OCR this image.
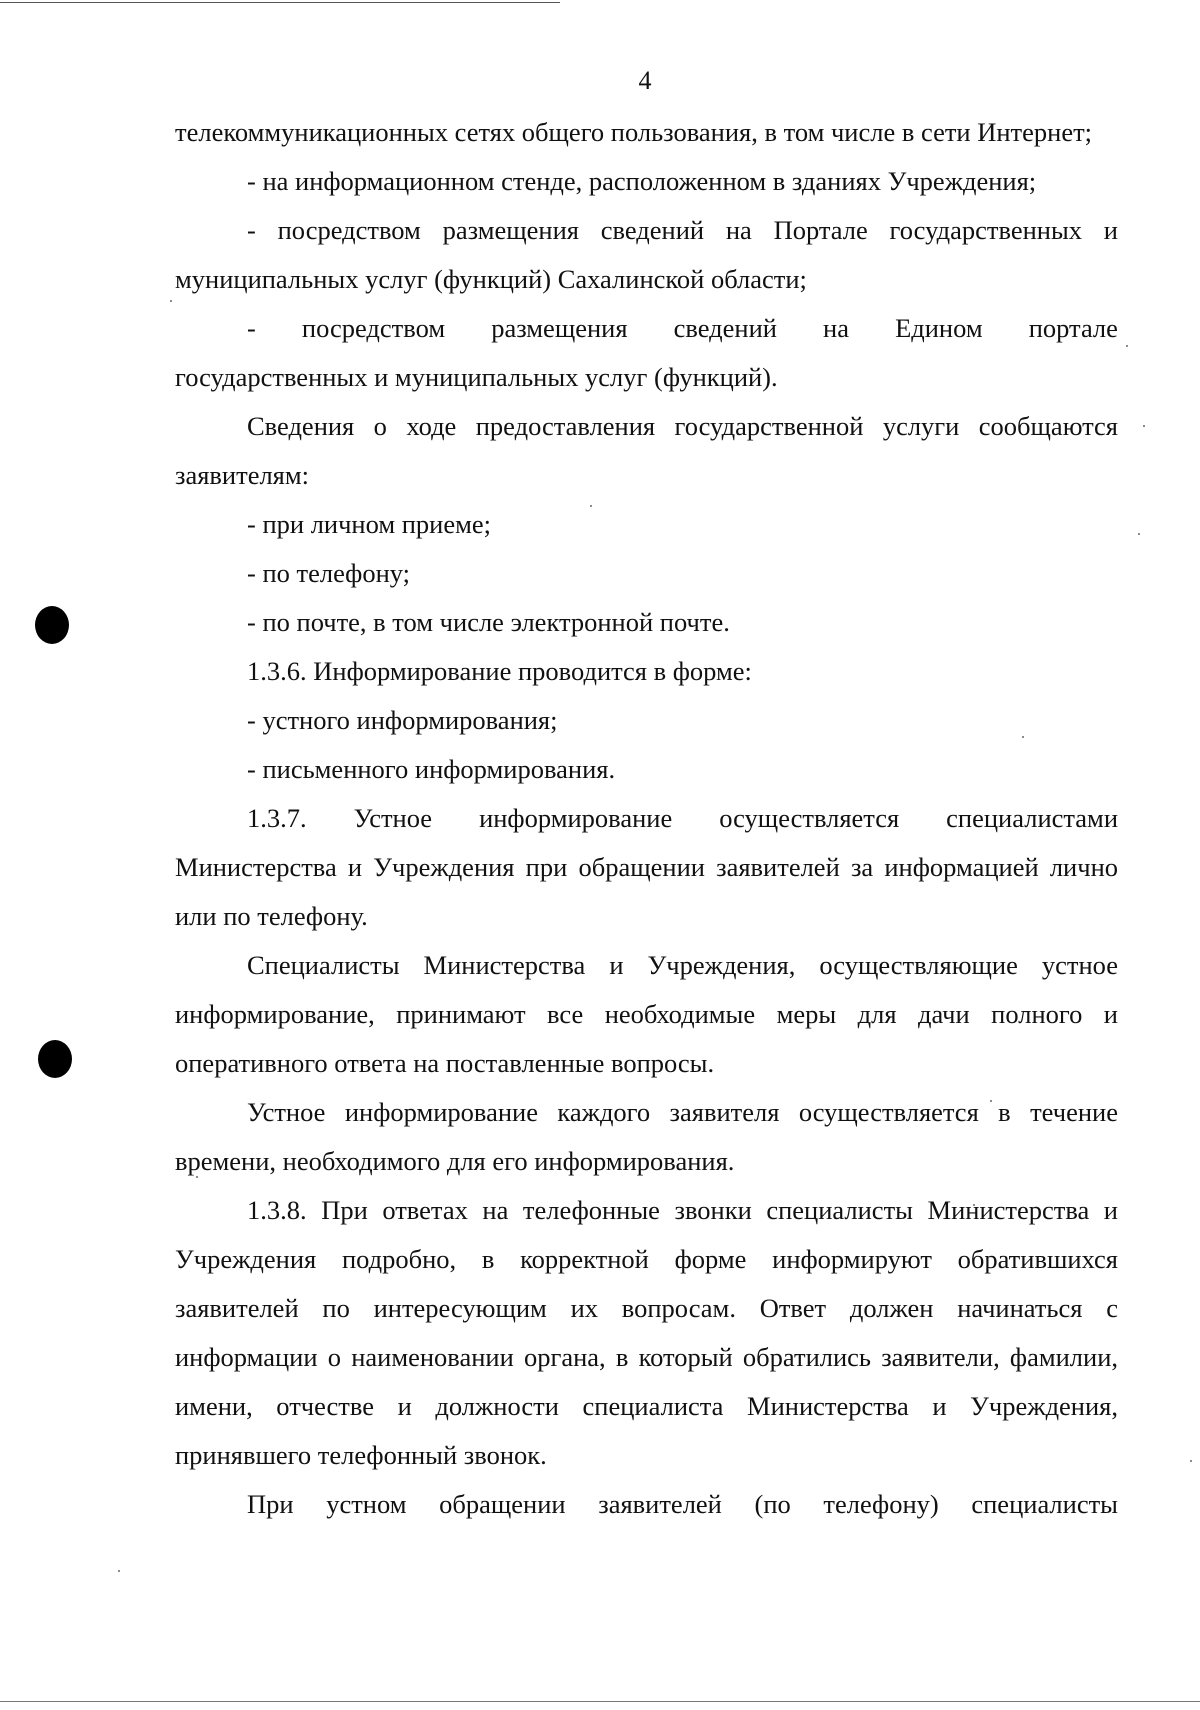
4

телекоммуникационных сетях общего пользования, в том числе в сети Интернет;

- на информационном стенде, расположенном в зданиях Учреждения;

- посредством размещения сведений на Портале государственных и муниципальных услуг (функций) Сахалинской области;

- посредством размещения сведений на Едином портале

государственных и муниципальных услуг (функций).

Сведения о ходе предоставления государственной услуги сообщаются заявителям:

- при личном приеме;

- по телефону;

- по почте, в том числе электронной почте.

1.3.6. Информирование проводится в форме:

- устного информирования;

- письменного информирования.

1.3.7. Устное информирование осуществляется специалистами Министерства и Учреждения при обращении заявителей за информацией лично или по телефону.

Специалисты Министерства и Учреждения, осуществляющие устное информирование, принимают все необходимые меры для дачи полного и оперативного ответа на поставленные вопросы.

Устное информирование каждого заявителя осуществляется в течение времени, необходимого для его информирования.

1.3.8. При ответах на телефонные звонки специалисты Министерства и Учреждения подробно, в корректной форме информируют обратившихся заявителей по интересующим их вопросам. Ответ должен начинаться с информации о наименовании органа, в который обратились заявители, фамилии, имени, отчестве и должности специалиста Министерства и Учреждения, принявшего телефонный звонок.

При устном обращении заявителей (по телефону) специалисты
